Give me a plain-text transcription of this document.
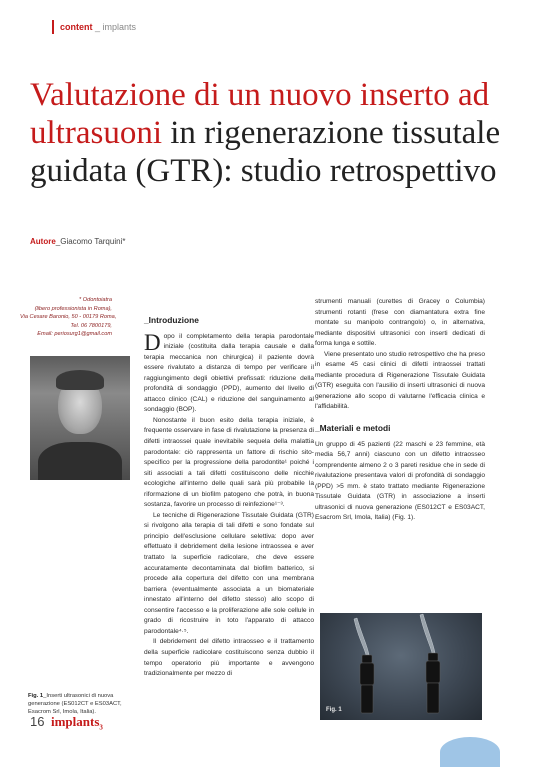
content _ implants
Valutazione di un nuovo inserto ad
ultrasuoni in rigenerazione tissutale guidata (GTR): studio retrospettivo
Autore_Giacomo Tarquini*
* Odontoiatra
(libero professionista in Roma),
Via Cesare Baronio, 50 - 00179 Roma,
Tel. 06 7800179,
Email: periosurg1@gmail.com
Fig. 1_Inserti ultrasonici di nuova generazione (ES012CT e ES03ACT, Esacrom Srl, Imola, Italia).

_Introduzione

Dopo il completamento della terapia parodontale iniziale (costituita dalla terapia causale e dalla terapia meccanica non chirurgica) il paziente dovrà essere rivalutato a distanza di tempo per verificare il raggiungimento degli obiettivi prefissati: riduzione della profondità di sondaggio (PPD), aumento del livello di attacco clinico (CAL) e riduzione del sanguinamento al sondaggio (BOP).

Nonostante il buon esito della terapia iniziale, è frequente osservare in fase di rivalutazione la presenza di difetti intraossei quale inevitabile sequela della malattia parodontale: ciò rappresenta un fattore di rischio sito-specifico per la progressione della parodontite¹ poiché i siti associati a tali difetti costituiscono delle nicchie ecologiche all'interno delle quali sarà più probabile la riformazione di un biofilm patogeno che potrà, in buona sostanza, favorire un processo di reinfezione¹⁻³.

Le tecniche di Rigenerazione Tissutale Guidata (GTR) si rivolgono alla terapia di tali difetti e sono fondate sul principio dell'esclusione cellulare selettiva: dopo aver effettuato il debridement della lesione intraossea e aver trattato la superficie radicolare, che deve essere accuratamente decontaminata dal biofilm batterico, si procede alla copertura del difetto con una membrana barriera (eventualmente associata a un biomateriale innestato all'interno del difetto stesso) allo scopo di consentire l'accesso e la proliferazione alle sole cellule in grado di ricostruire in toto l'apparato di attacco parodontale⁴·⁵.

Il debridement del difetto intraosseo e il trattamento della superficie radicolare costituiscono senza dubbio il tempo operatorio più importante e avvengono tradizionalmente per mezzo di

strumenti manuali (curettes di Gracey o Columbia) strumenti rotanti (frese con diamantatura extra fine montate su manipolo contrangolo) o, in alternativa, mediante dispositivi ultrasonici con inserti dedicati di forma lunga e sottile.

Viene presentato uno studio retrospettivo che ha preso in esame 45 casi clinici di difetti intraossei trattati mediante procedura di Rigenerazione Tissutale Guidata (GTR) eseguita con l'ausilio di inserti ultrasonici di nuova generazione allo scopo di valutarne l'efficacia clinica e l'affidabilità.

_Materiali e metodi

Un gruppo di 45 pazienti (22 maschi e 23 femmine, età media 56,7 anni) ciascuno con un difetto intraosseo comprendente almeno 2 o 3 pareti residue che in sede di rivalutazione presentava valori di profondità di sondaggio (PPD) >5 mm. è stato trattato mediante Rigenerazione Tissutale Guidata (GTR) in associazione a inserti ultrasonici di nuova generazione (ES012CT e ES03ACT, Esacrom Srl, Imola, Italia) (Fig. 1).

Fig. 1
16 implants$_3$
